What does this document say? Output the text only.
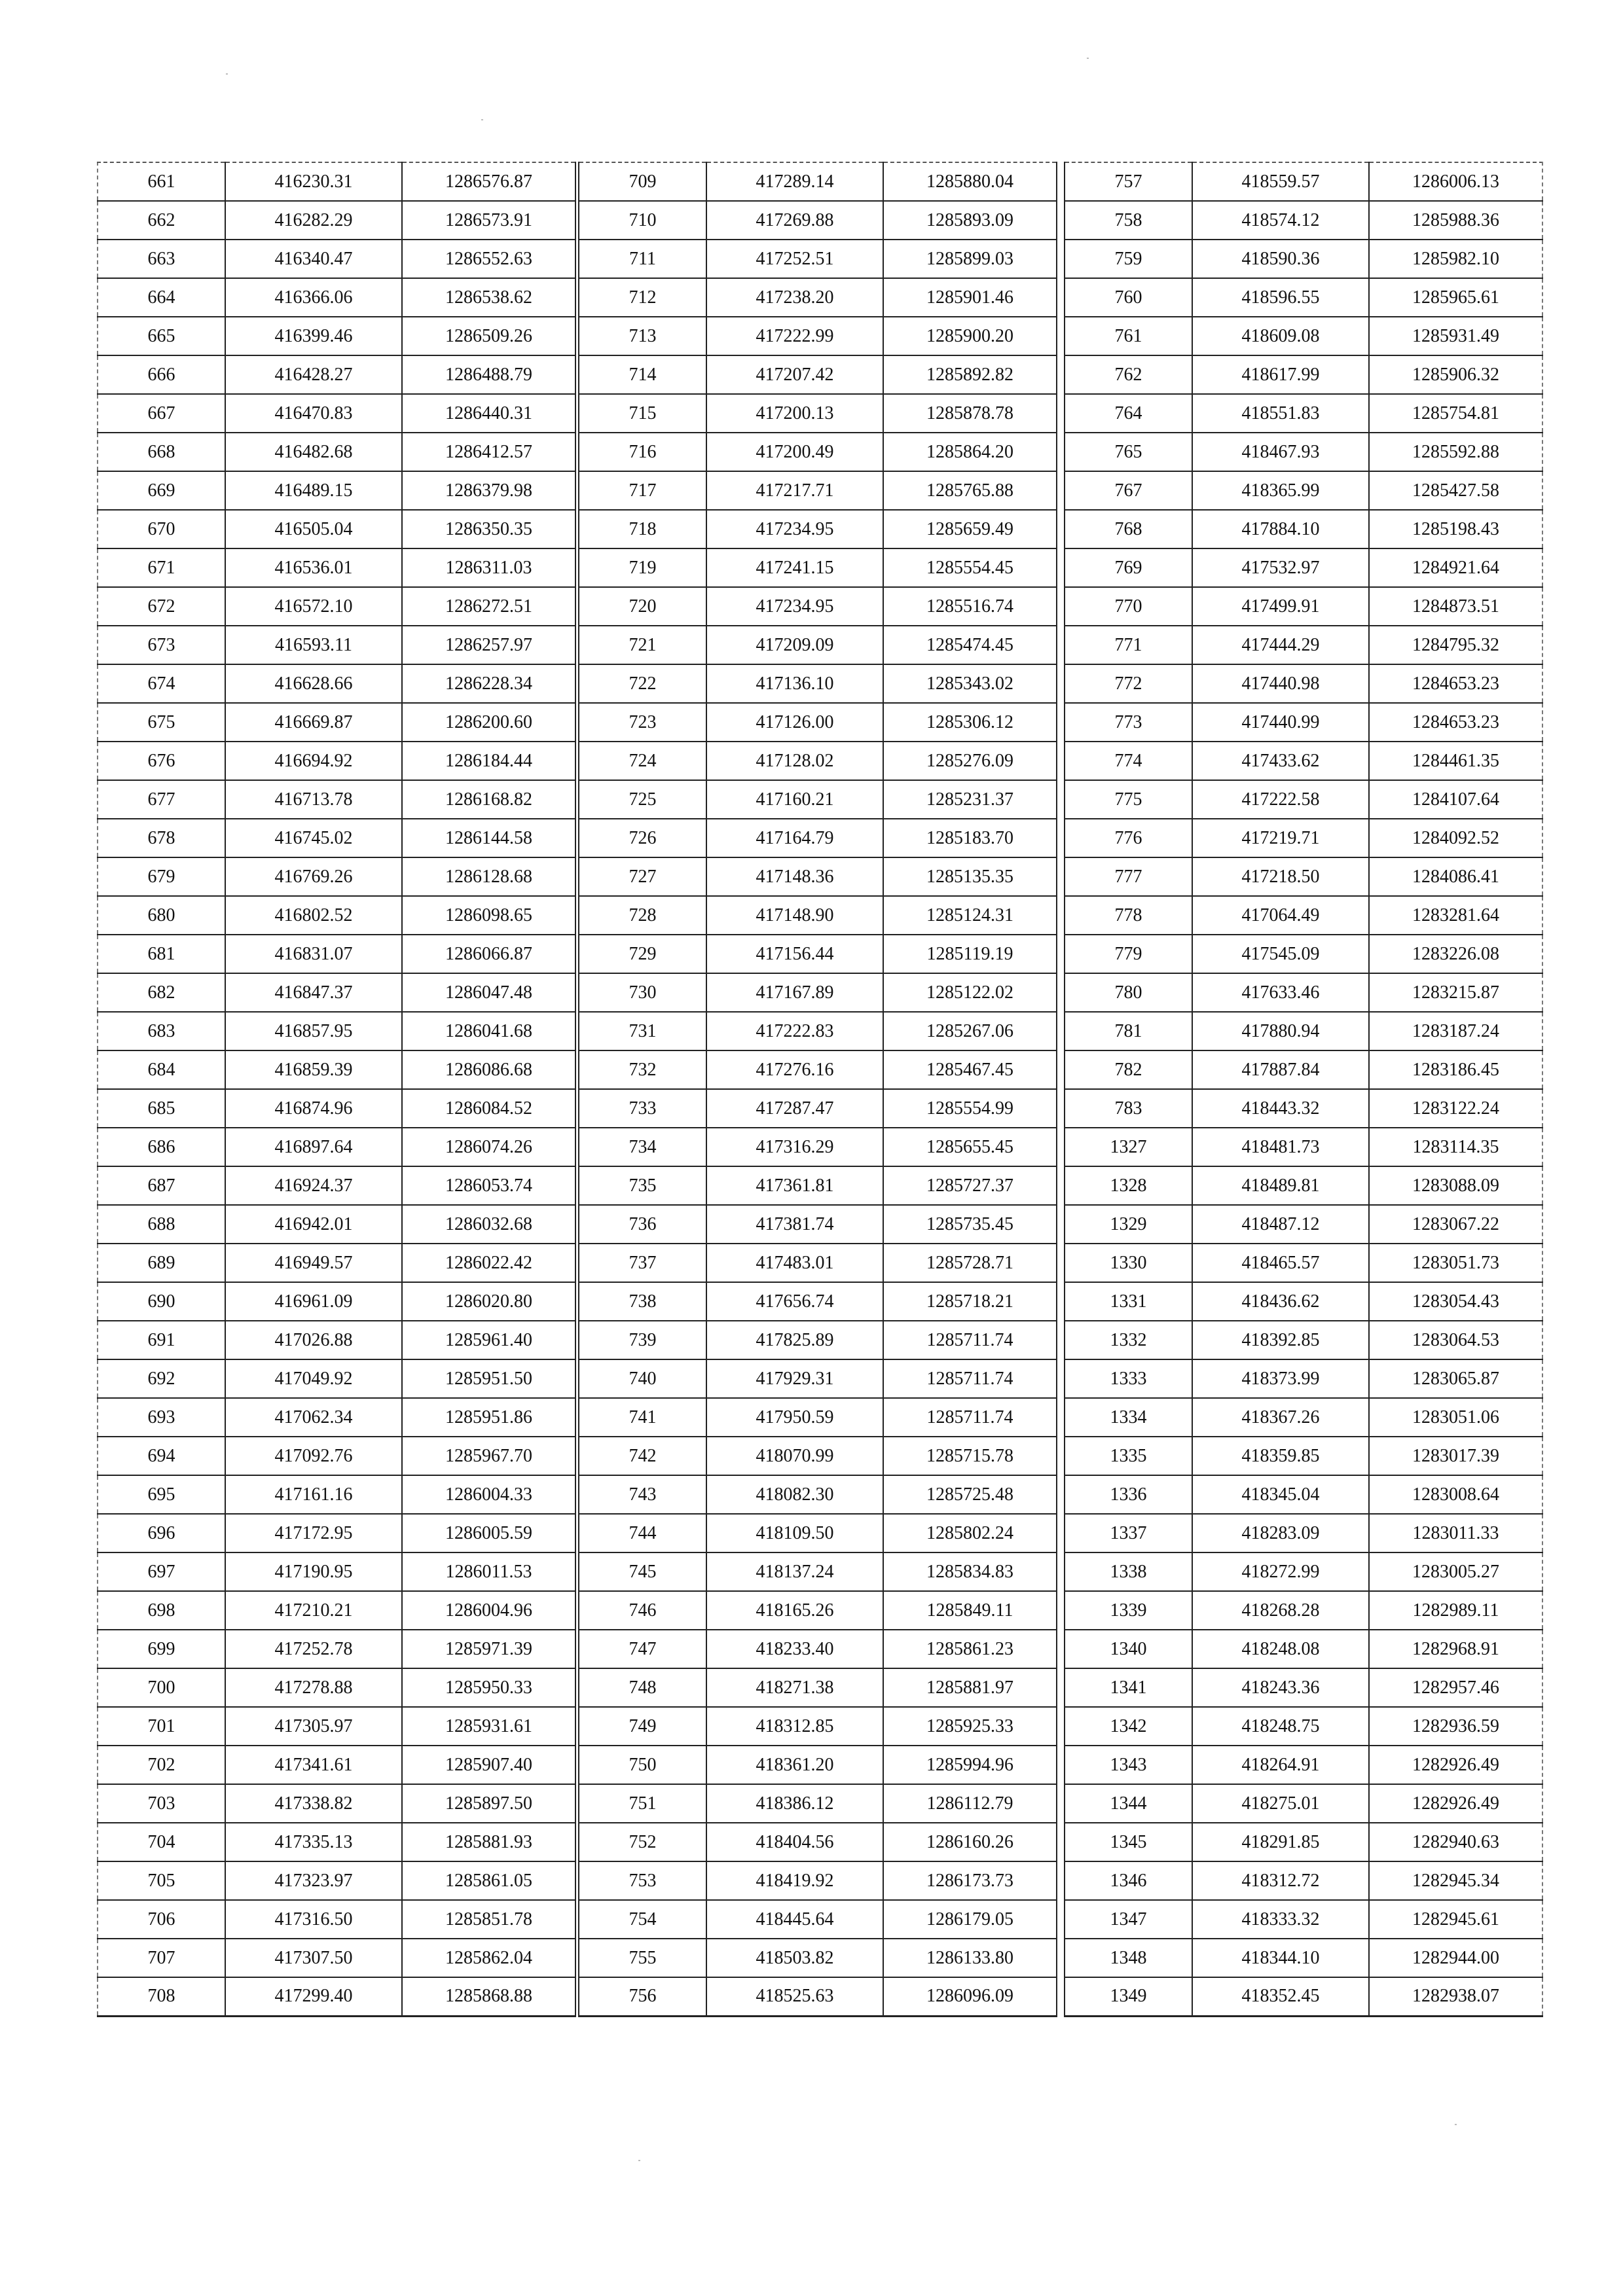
661	416230.31	1286576.87
662	416282.29	1286573.91
663	416340.47	1286552.63
664	416366.06	1286538.62
665	416399.46	1286509.26
666	416428.27	1286488.79
667	416470.83	1286440.31
668	416482.68	1286412.57
669	416489.15	1286379.98
670	416505.04	1286350.35
671	416536.01	1286311.03
672	416572.10	1286272.51
673	416593.11	1286257.97
674	416628.66	1286228.34
675	416669.87	1286200.60
676	416694.92	1286184.44
677	416713.78	1286168.82
678	416745.02	1286144.58
679	416769.26	1286128.68
680	416802.52	1286098.65
681	416831.07	1286066.87
682	416847.37	1286047.48
683	416857.95	1286041.68
684	416859.39	1286086.68
685	416874.96	1286084.52
686	416897.64	1286074.26
687	416924.37	1286053.74
688	416942.01	1286032.68
689	416949.57	1286022.42
690	416961.09	1286020.80
691	417026.88	1285961.40
692	417049.92	1285951.50
693	417062.34	1285951.86
694	417092.76	1285967.70
695	417161.16	1286004.33
696	417172.95	1286005.59
697	417190.95	1286011.53
698	417210.21	1286004.96
699	417252.78	1285971.39
700	417278.88	1285950.33
701	417305.97	1285931.61
702	417341.61	1285907.40
703	417338.82	1285897.50
704	417335.13	1285881.93
705	417323.97	1285861.05
706	417316.50	1285851.78
707	417307.50	1285862.04
708	417299.40	1285868.88
709	417289.14	1285880.04
710	417269.88	1285893.09
711	417252.51	1285899.03
712	417238.20	1285901.46
713	417222.99	1285900.20
714	417207.42	1285892.82
715	417200.13	1285878.78
716	417200.49	1285864.20
717	417217.71	1285765.88
718	417234.95	1285659.49
719	417241.15	1285554.45
720	417234.95	1285516.74
721	417209.09	1285474.45
722	417136.10	1285343.02
723	417126.00	1285306.12
724	417128.02	1285276.09
725	417160.21	1285231.37
726	417164.79	1285183.70
727	417148.36	1285135.35
728	417148.90	1285124.31
729	417156.44	1285119.19
730	417167.89	1285122.02
731	417222.83	1285267.06
732	417276.16	1285467.45
733	417287.47	1285554.99
734	417316.29	1285655.45
735	417361.81	1285727.37
736	417381.74	1285735.45
737	417483.01	1285728.71
738	417656.74	1285718.21
739	417825.89	1285711.74
740	417929.31	1285711.74
741	417950.59	1285711.74
742	418070.99	1285715.78
743	418082.30	1285725.48
744	418109.50	1285802.24
745	418137.24	1285834.83
746	418165.26	1285849.11
747	418233.40	1285861.23
748	418271.38	1285881.97
749	418312.85	1285925.33
750	418361.20	1285994.96
751	418386.12	1286112.79
752	418404.56	1286160.26
753	418419.92	1286173.73
754	418445.64	1286179.05
755	418503.82	1286133.80
756	418525.63	1286096.09
757	418559.57	1286006.13
758	418574.12	1285988.36
759	418590.36	1285982.10
760	418596.55	1285965.61
761	418609.08	1285931.49
762	418617.99	1285906.32
764	418551.83	1285754.81
765	418467.93	1285592.88
767	418365.99	1285427.58
768	417884.10	1285198.43
769	417532.97	1284921.64
770	417499.91	1284873.51
771	417444.29	1284795.32
772	417440.98	1284653.23
773	417440.99	1284653.23
774	417433.62	1284461.35
775	417222.58	1284107.64
776	417219.71	1284092.52
777	417218.50	1284086.41
778	417064.49	1283281.64
779	417545.09	1283226.08
780	417633.46	1283215.87
781	417880.94	1283187.24
782	417887.84	1283186.45
783	418443.32	1283122.24
1327	418481.73	1283114.35
1328	418489.81	1283088.09
1329	418487.12	1283067.22
1330	418465.57	1283051.73
1331	418436.62	1283054.43
1332	418392.85	1283064.53
1333	418373.99	1283065.87
1334	418367.26	1283051.06
1335	418359.85	1283017.39
1336	418345.04	1283008.64
1337	418283.09	1283011.33
1338	418272.99	1283005.27
1339	418268.28	1282989.11
1340	418248.08	1282968.91
1341	418243.36	1282957.46
1342	418248.75	1282936.59
1343	418264.91	1282926.49
1344	418275.01	1282926.49
1345	418291.85	1282940.63
1346	418312.72	1282945.34
1347	418333.32	1282945.61
1348	418344.10	1282944.00
1349	418352.45	1282938.07
